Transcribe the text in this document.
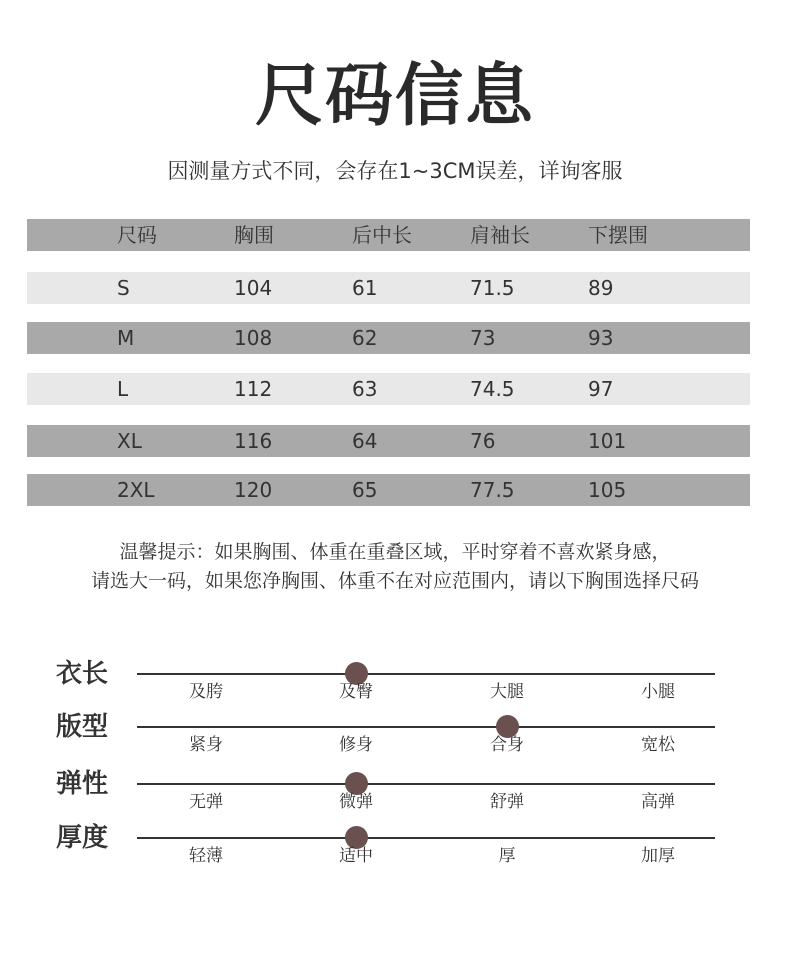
尺码信息
因测量方式不同，会存在1~3CM误差，详询客服
尺码	胸围	后中长	肩袖长	下摆围
S	104	61	71.5	89
M	108	62	73	93
L	112	63	74.5	97
XL	116	64	76	101
2XL	120	65	77.5	105
温馨提示：如果胸围、体重在重叠区域，平时穿着不喜欢紧身感，
请选大一码，如果您净胸围、体重不在对应范围内，请以下胸围选择尺码
衣长
及胯	及臀	大腿	小腿
版型
紧身	修身	合身	宽松
弹性
无弹	微弹	舒弹	高弹
厚度
轻薄	适中	厚	加厚
